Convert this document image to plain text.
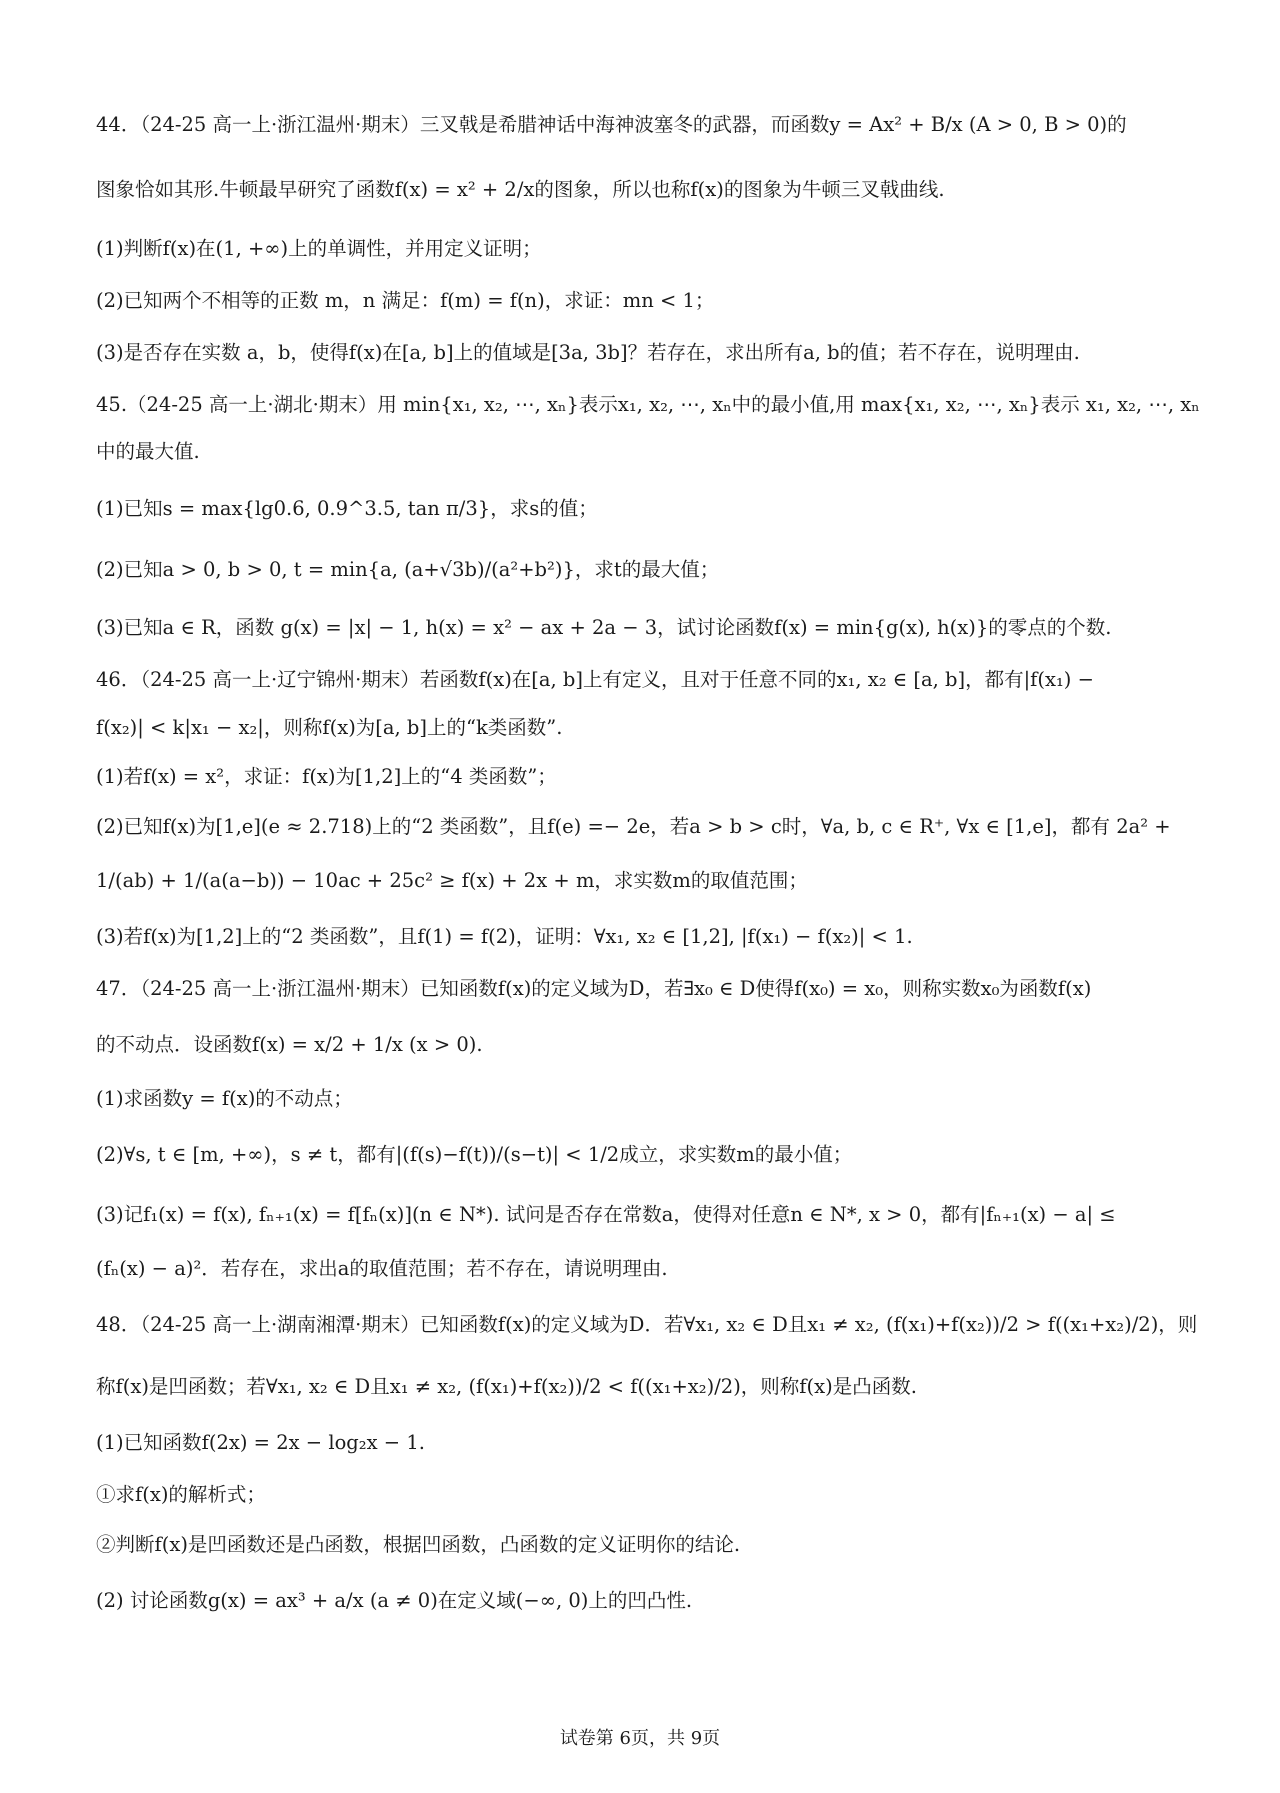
44．（24-25 高一上·浙江温州·期末）三叉戟是希腊神话中海神波塞冬的武器，而函数y = Ax² + B/x (A > 0, B > 0)的
图象恰如其形.牛顿最早研究了函数f(x) = x² + 2/x的图象，所以也称f(x)的图象为牛顿三叉戟曲线.
(1)判断f(x)在(1, +∞)上的单调性，并用定义证明；
(2)已知两个不相等的正数 m，n 满足：f(m) = f(n)，求证：mn < 1；
(3)是否存在实数 a，b，使得f(x)在[a, b]上的值域是[3a, 3b]？若存在，求出所有a, b的值；若不存在，说明理由.
45.（24-25 高一上·湖北·期末）用 min{x₁, x₂, ⋯, xₙ}表示x₁, x₂, ⋯, xₙ中的最小值,用 max{x₁, x₂, ⋯, xₙ}表示 x₁, x₂, ⋯, xₙ
中的最大值.
(1)已知s = max{lg0.6, 0.9^3.5, tan π/3}，求s的值；
(2)已知a > 0, b > 0, t = min{a, (a+√3b)/(a²+b²)}，求t的最大值；
(3)已知a ∈ R，函数 g(x) = |x| − 1, h(x) = x² − ax + 2a − 3，试讨论函数f(x) = min{g(x), h(x)}的零点的个数.
46．（24-25 高一上·辽宁锦州·期末）若函数f(x)在[a, b]上有定义，且对于任意不同的x₁, x₂ ∈ [a, b]，都有|f(x₁) −
f(x₂)| < k|x₁ − x₂|，则称f(x)为[a, b]上的“k类函数”.
(1)若f(x) = x²，求证：f(x)为[1,2]上的“4 类函数”；
(2)已知f(x)为[1,e](e ≈ 2.718)上的“2 类函数”，且f(e) =− 2e，若a > b > c时，∀a, b, c ∈ R⁺, ∀x ∈ [1,e]，都有 2a² +
1/(ab) + 1/(a(a−b)) − 10ac + 25c² ≥ f(x) + 2x + m，求实数m的取值范围；
(3)若f(x)为[1,2]上的“2 类函数”，且f(1) = f(2)，证明：∀x₁, x₂ ∈ [1,2], |f(x₁) − f(x₂)| < 1.
47．（24-25 高一上·浙江温州·期末）已知函数f(x)的定义域为D，若∃x₀ ∈ D使得f(x₀) = x₀，则称实数x₀为函数f(x)
的不动点．设函数f(x) = x/2 + 1/x (x > 0).
(1)求函数y = f(x)的不动点；
(2)∀s, t ∈ [m, +∞)，s ≠ t，都有|(f(s)−f(t))/(s−t)| < 1/2成立，求实数m的最小值；
(3)记f₁(x) = f(x), fₙ₊₁(x) = f[fₙ(x)](n ∈ N*). 试问是否存在常数a，使得对任意n ∈ N*, x > 0，都有|fₙ₊₁(x) − a| ≤
(fₙ(x) − a)²．若存在，求出a的取值范围；若不存在，请说明理由.
48．（24-25 高一上·湖南湘潭·期末）已知函数f(x)的定义域为D．若∀x₁, x₂ ∈ D且x₁ ≠ x₂, (f(x₁)+f(x₂))/2 > f((x₁+x₂)/2)，则
称f(x)是凹函数；若∀x₁, x₂ ∈ D且x₁ ≠ x₂, (f(x₁)+f(x₂))/2 < f((x₁+x₂)/2)，则称f(x)是凸函数.
(1)已知函数f(2x) = 2x − log₂x − 1.
①求f(x)的解析式；
②判断f(x)是凹函数还是凸函数，根据凹函数，凸函数的定义证明你的结论.
(2) 讨论函数g(x) = ax³ + a/x (a ≠ 0)在定义域(−∞, 0)上的凹凸性.
试卷第 6页，共 9页
